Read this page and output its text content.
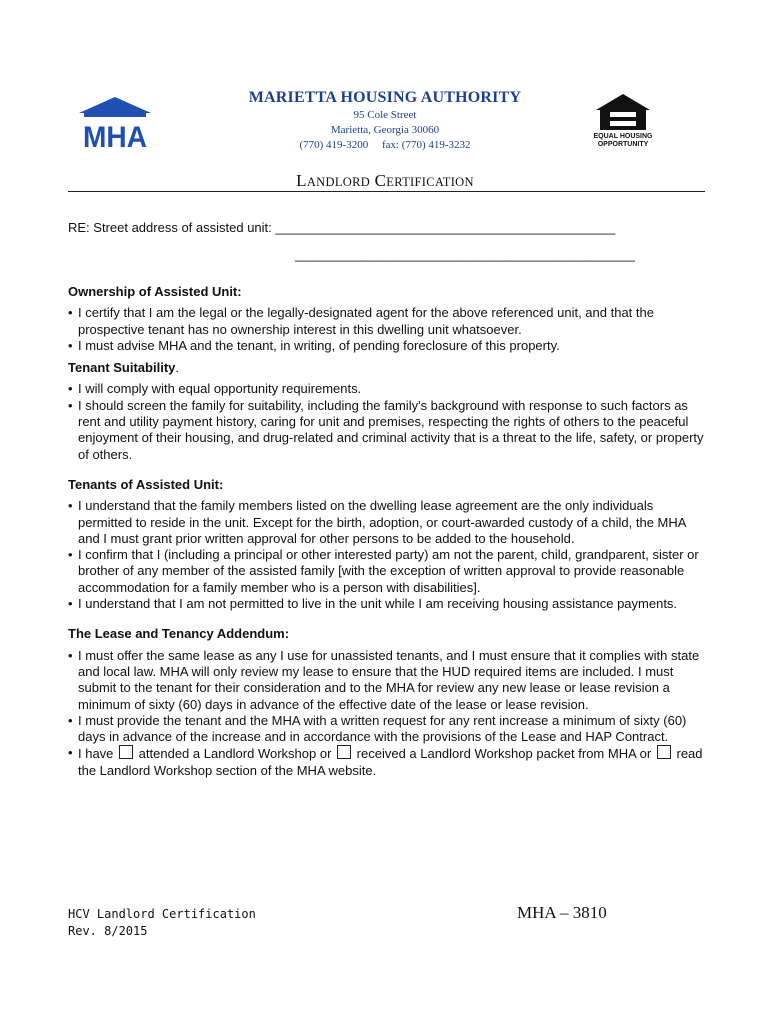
MHA	EQUAL HOUSING
OPPORTUNITY
MARIETTA HOUSING AUTHORITY
95 Cole Street
Marietta, Georgia 30060
(770) 419-3200     fax: (770) 419-3232
LANDLORD CERTIFICATION
RE: Street address of assisted unit: _______________________________________________
_______________________________________________

Ownership of Assisted Unit:

• I certify that I am the legal or the legally-designated agent for the above referenced unit, and that the prospective tenant has no ownership interest in this dwelling unit whatsoever.
• I must advise MHA and the tenant, in writing, of pending foreclosure of this property.

Tenant Suitability.

• I will comply with equal opportunity requirements.
• I should screen the family for suitability, including the family's background with response to such factors as rent and utility payment history, caring for unit and premises, respecting the rights of others to the peaceful enjoyment of their housing, and drug-related and criminal activity that is a threat to the life, safety, or property of others.

Tenants of Assisted Unit:

• I understand that the family members listed on the dwelling lease agreement are the only individuals permitted to reside in the unit. Except for the birth, adoption, or court-awarded custody of a child, the MHA and I must grant prior written approval for other persons to be added to the household.
• I confirm that I (including a principal or other interested party) am not the parent, child, grandparent, sister or brother of any member of the assisted family [with the exception of written approval to provide reasonable accommodation for a family member who is a person with disabilities].
• I understand that I am not permitted to live in the unit while I am receiving housing assistance payments.

The Lease and Tenancy Addendum:

• I must offer the same lease as any I use for unassisted tenants, and I must ensure that it complies with state and local law. MHA will only review my lease to ensure that the HUD required items are included. I must submit to the tenant for their consideration and to the MHA for review any new lease or lease revision a minimum of sixty (60) days in advance of the effective date of the lease or lease revision.
• I must provide the tenant and the MHA with a written request for any rent increase a minimum of sixty (60) days in advance of the increase and in accordance with the provisions of the Lease and HAP Contract.
• I have attended a Landlord Workshop or received a Landlord Workshop packet from MHA or read the Landlord Workshop section of the MHA website.
HCV Landlord Certification
Rev. 8/2015
MHA – 3810
